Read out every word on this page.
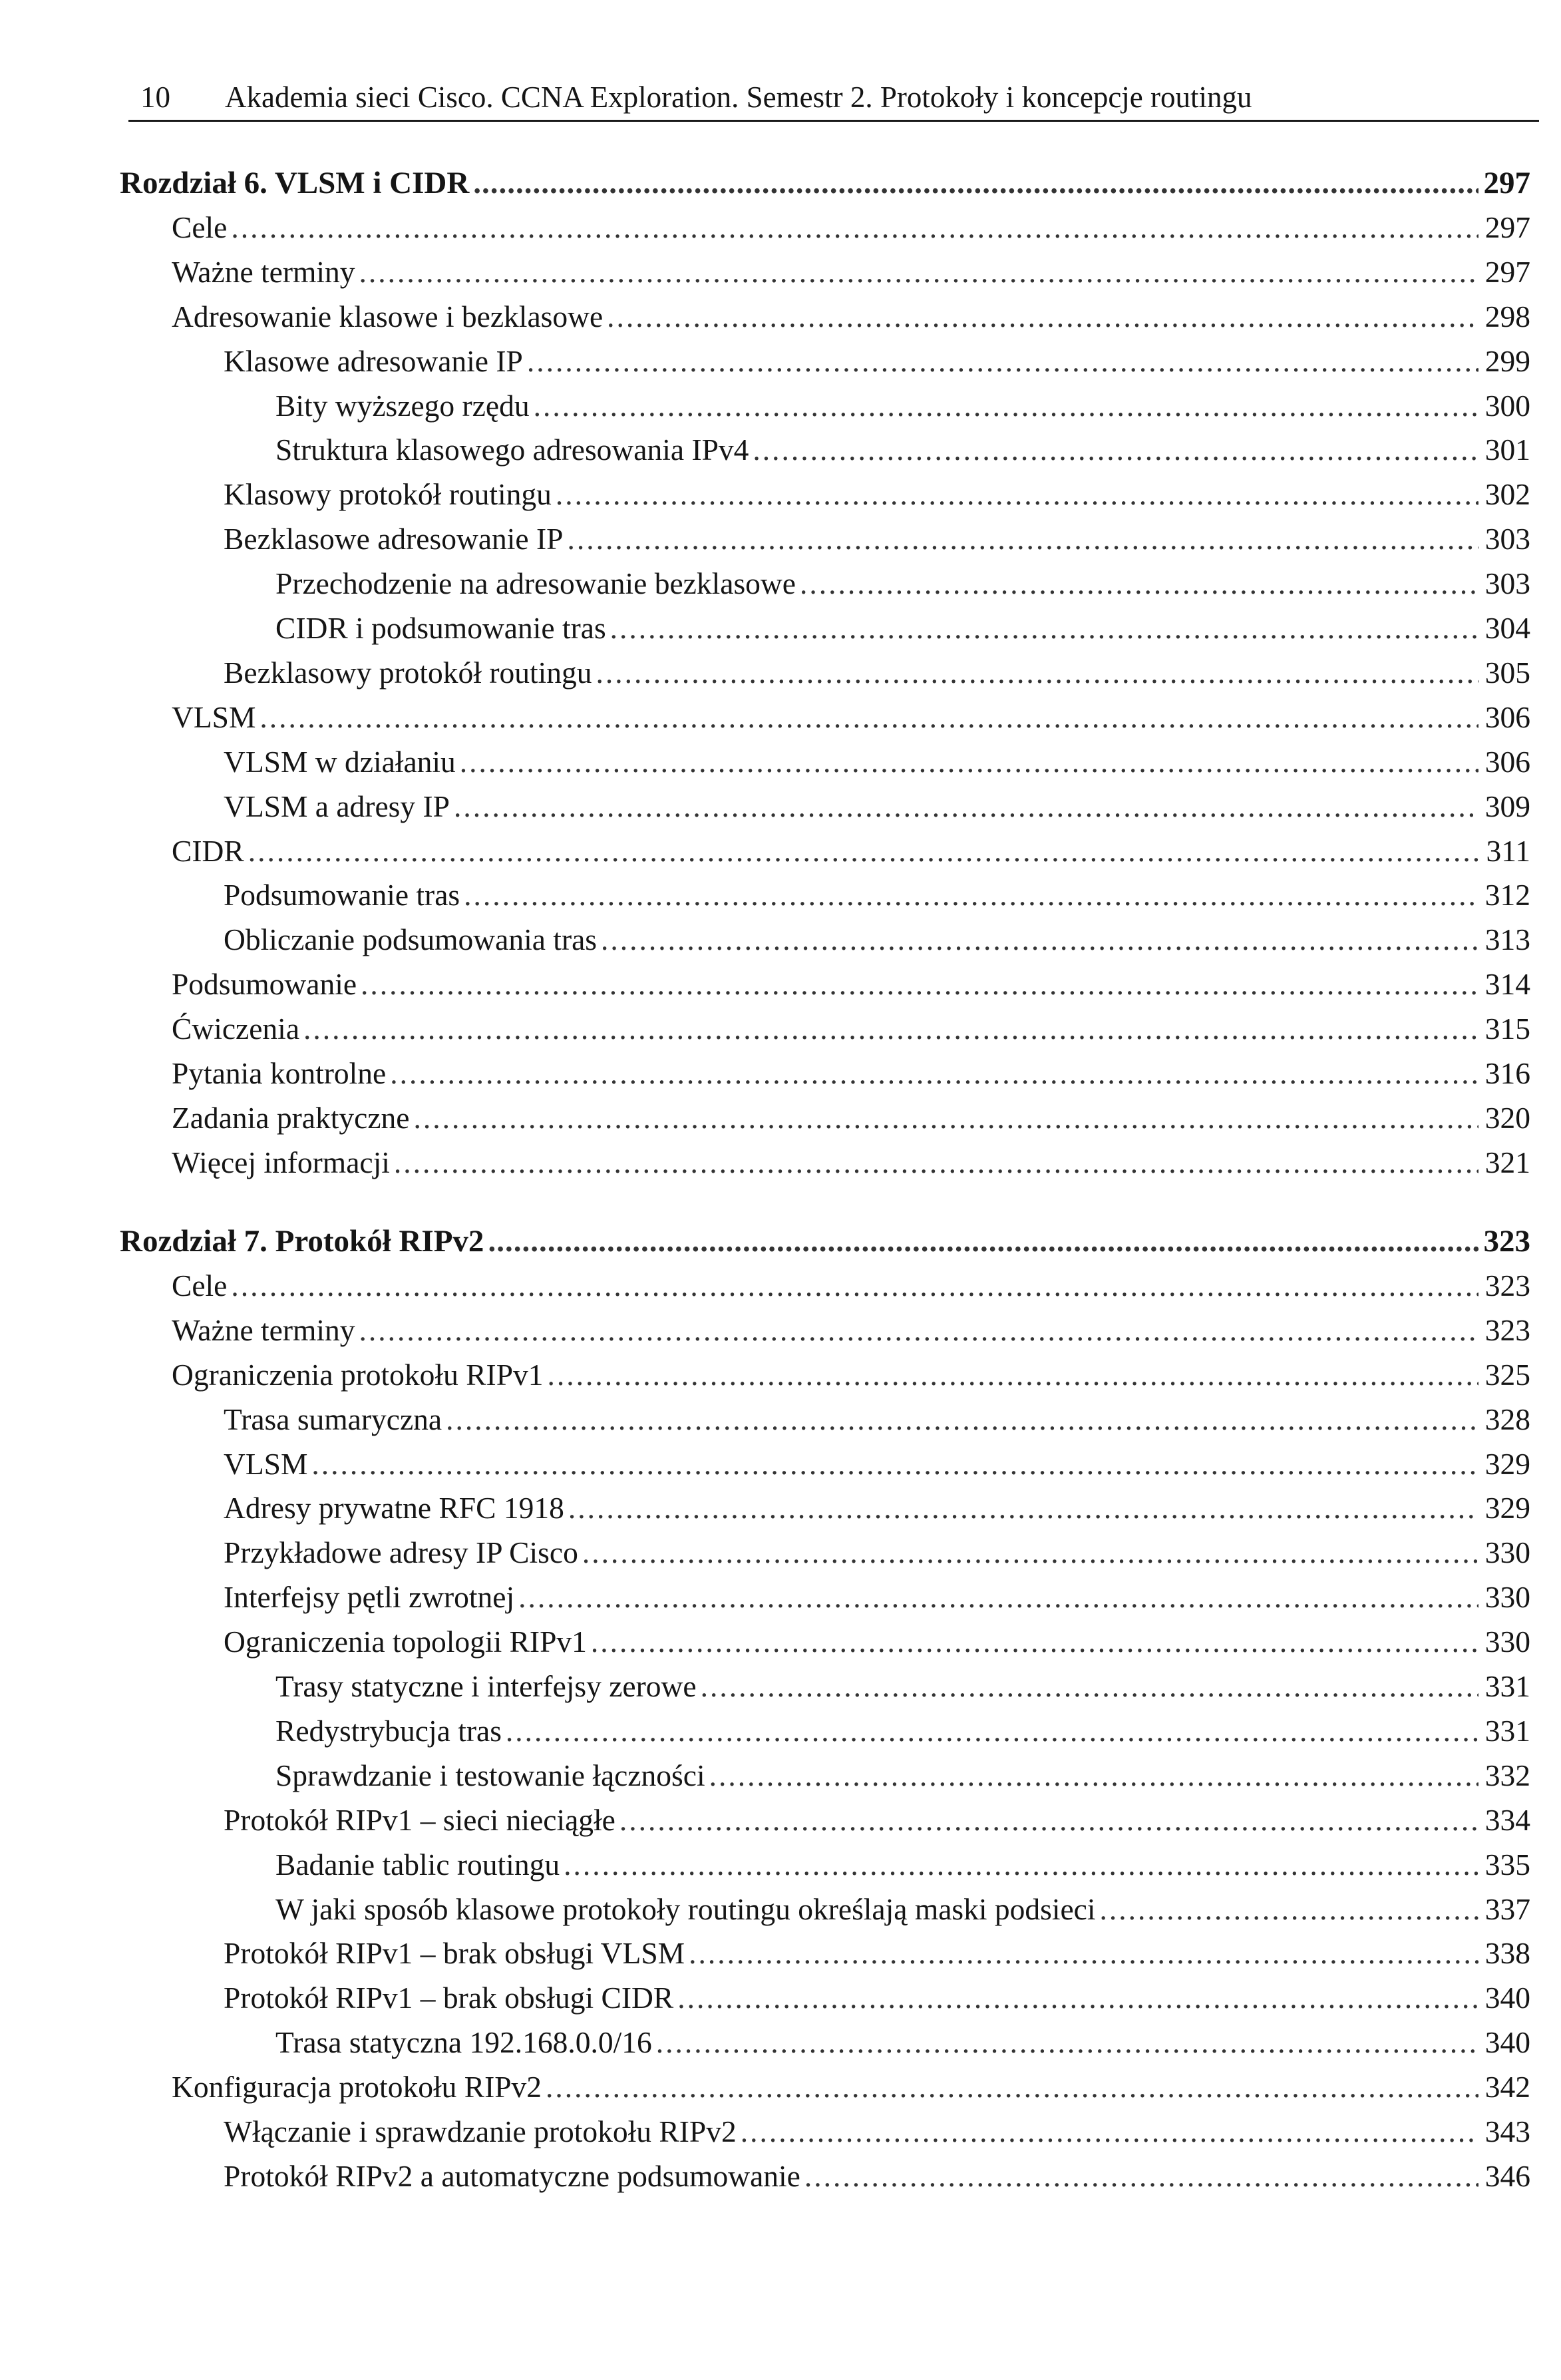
10 Akademia sieci Cisco. CCNA Exploration. Semestr 2. Protokoły i koncepcje routingu
Rozdział 6. VLSM i CIDR .....	297
Cele .....	297
Ważne terminy .....	297
Adresowanie klasowe i bezklasowe .....	298
Klasowe adresowanie IP .....	299
Bity wyższego rzędu .....	300
Struktura klasowego adresowania IPv4 .....	301
Klasowy protokół routingu .....	302
Bezklasowe adresowanie IP .....	303
Przechodzenie na adresowanie bezklasowe .....	303
CIDR i podsumowanie tras .....	304
Bezklasowy protokół routingu .....	305
VLSM .....	306
VLSM w działaniu .....	306
VLSM a adresy IP .....	309
CIDR .....	311
Podsumowanie tras .....	312
Obliczanie podsumowania tras .....	313
Podsumowanie .....	314
Ćwiczenia .....	315
Pytania kontrolne .....	316
Zadania praktyczne .....	320
Więcej informacji .....	321
Rozdział 7. Protokół RIPv2 .....	323
Cele .....	323
Ważne terminy .....	323
Ograniczenia protokołu RIPv1 .....	325
Trasa sumaryczna .....	328
VLSM .....	329
Adresy prywatne RFC 1918 .....	329
Przykładowe adresy IP Cisco .....	330
Interfejsy pętli zwrotnej .....	330
Ograniczenia topologii RIPv1 .....	330
Trasy statyczne i interfejsy zerowe .....	331
Redystrybucja tras .....	331
Sprawdzanie i testowanie łączności .....	332
Protokół RIPv1 – sieci nieciągłe .....	334
Badanie tablic routingu .....	335
W jaki sposób klasowe protokoły routingu określają maski podsieci .....	337
Protokół RIPv1 – brak obsługi VLSM .....	338
Protokół RIPv1 – brak obsługi CIDR .....	340
Trasa statyczna 192.168.0.0/16 .....	340
Konfiguracja protokołu RIPv2 .....	342
Włączanie i sprawdzanie protokołu RIPv2 .....	343
Protokół RIPv2 a automatyczne podsumowanie .....	346
